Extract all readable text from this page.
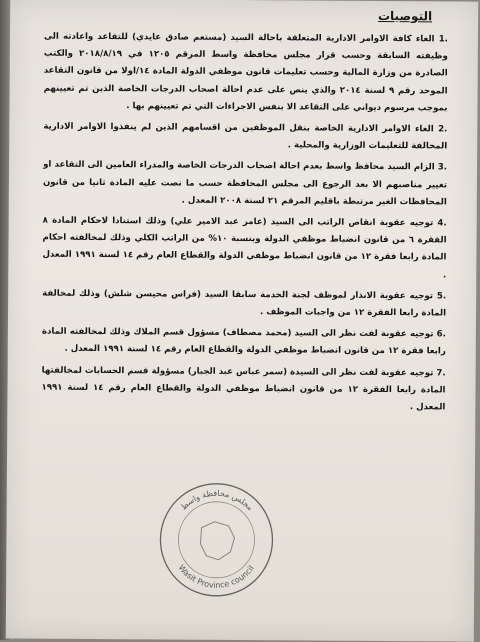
التوصيات

.1 الغاء كافة الاوامر الادارية المتعلقة باحالة السيد (مستعم صادق عايدي) للتقاعد واعادته الى وظيفته السابقة وحسب قرار مجلس محافظة واسط المرقم ١٢٠٥ في ٢٠١٨/٨/١٩ والكتب الصادرة من وزارة المالية وحسب تعليمات قانون موظفي الدولة المادة ١٤/اولا من قانون التقاعد الموحد رقم ٩ لسنة ٢٠١٤ والذي ينص على عدم احالة اصحاب الدرجات الخاصة الذين تم تعيينهم بموجب مرسوم ديواني على التقاعد الا بنفس الاجراءات التي تم تعيينهم بها .

.2 الغاء الاوامر الادارية الخاصة بنقل الموظفين من اقسامهم الذين لم ينفذوا الاوامر الادارية المخالفة للتعليمات الوزارية والمحلية .

.3 الزام السيد محافظ واسط بعدم احالة اصحاب الدرجات الخاصة والمدراء العامين الى التقاعد او تغيير مناصبهم الا بعد الرجوع الى مجلس المحافظة حسب ما نصت عليه المادة ثانيا من قانون المحافظات الغير مرتبطة باقليم المرقم ٢١ لسنة ٢٠٠٨ المعدل .

.4 توجيه عقوبة انقاص الراتب الى السيد (عامر عبد الامير علي) وذلك استنادا لاحكام المادة ٨ الفقرة ٦ من قانون انضباط موظفي الدولة وبنسبة ١٠% من الراتب الكلي وذلك لمخالفته احكام المادة رابعا فقرة ١٢ من قانون انضباط موظفي الدولة والقطاع العام رقم ١٤ لسنة ١٩٩١ المعدل .

.5 توجيه عقوبة الانذار لموظف لجنة الخدمة سابقا السيد (فراس محيسن شلش) وذلك لمخالفة المادة رابعا الفقرة ١٢ من واجبات الموظف .

.6 توجيه عقوبة لفت نظر الى السيد (محمد مصطاف) مسؤول قسم الملاك وذلك لمخالفته المادة رابعا فقرة ١٢ من قانون انضباط موظفي الدولة والقطاع العام رقم ١٤ لسنة ١٩٩١ المعدل .

.7 توجيه عقوبة لفت نظر الى السيدة (سمر عباس عبد الجبار) مسؤولة قسم الحسابات لمخالفتها المادة رابعا الفقرة ١٢ من قانون انضباط موظفي الدولة والقطاع العام رقم ١٤ لسنة ١٩٩١ المعدل .

مجلس محافظة واسط
Wasit Province council
